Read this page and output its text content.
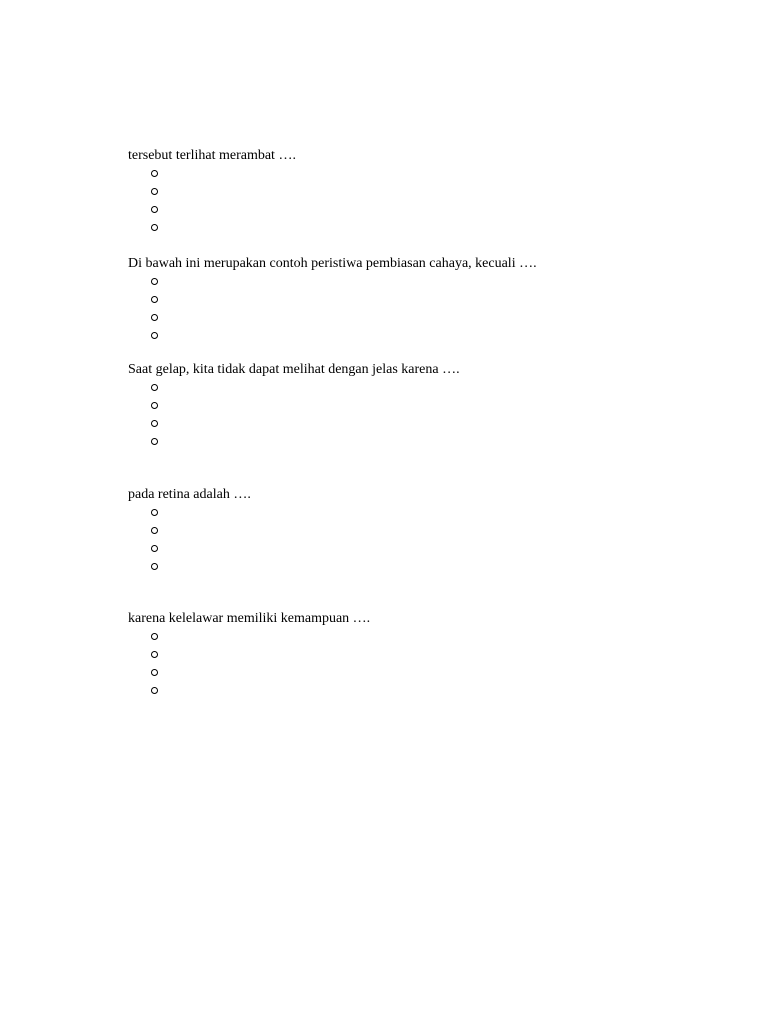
tersebut terlihat merambat ….
Di bawah ini merupakan contoh peristiwa pembiasan cahaya, kecuali ….
Saat gelap, kita tidak dapat melihat dengan jelas karena ….
pada retina adalah ….
karena kelelawar memiliki kemampuan ….
